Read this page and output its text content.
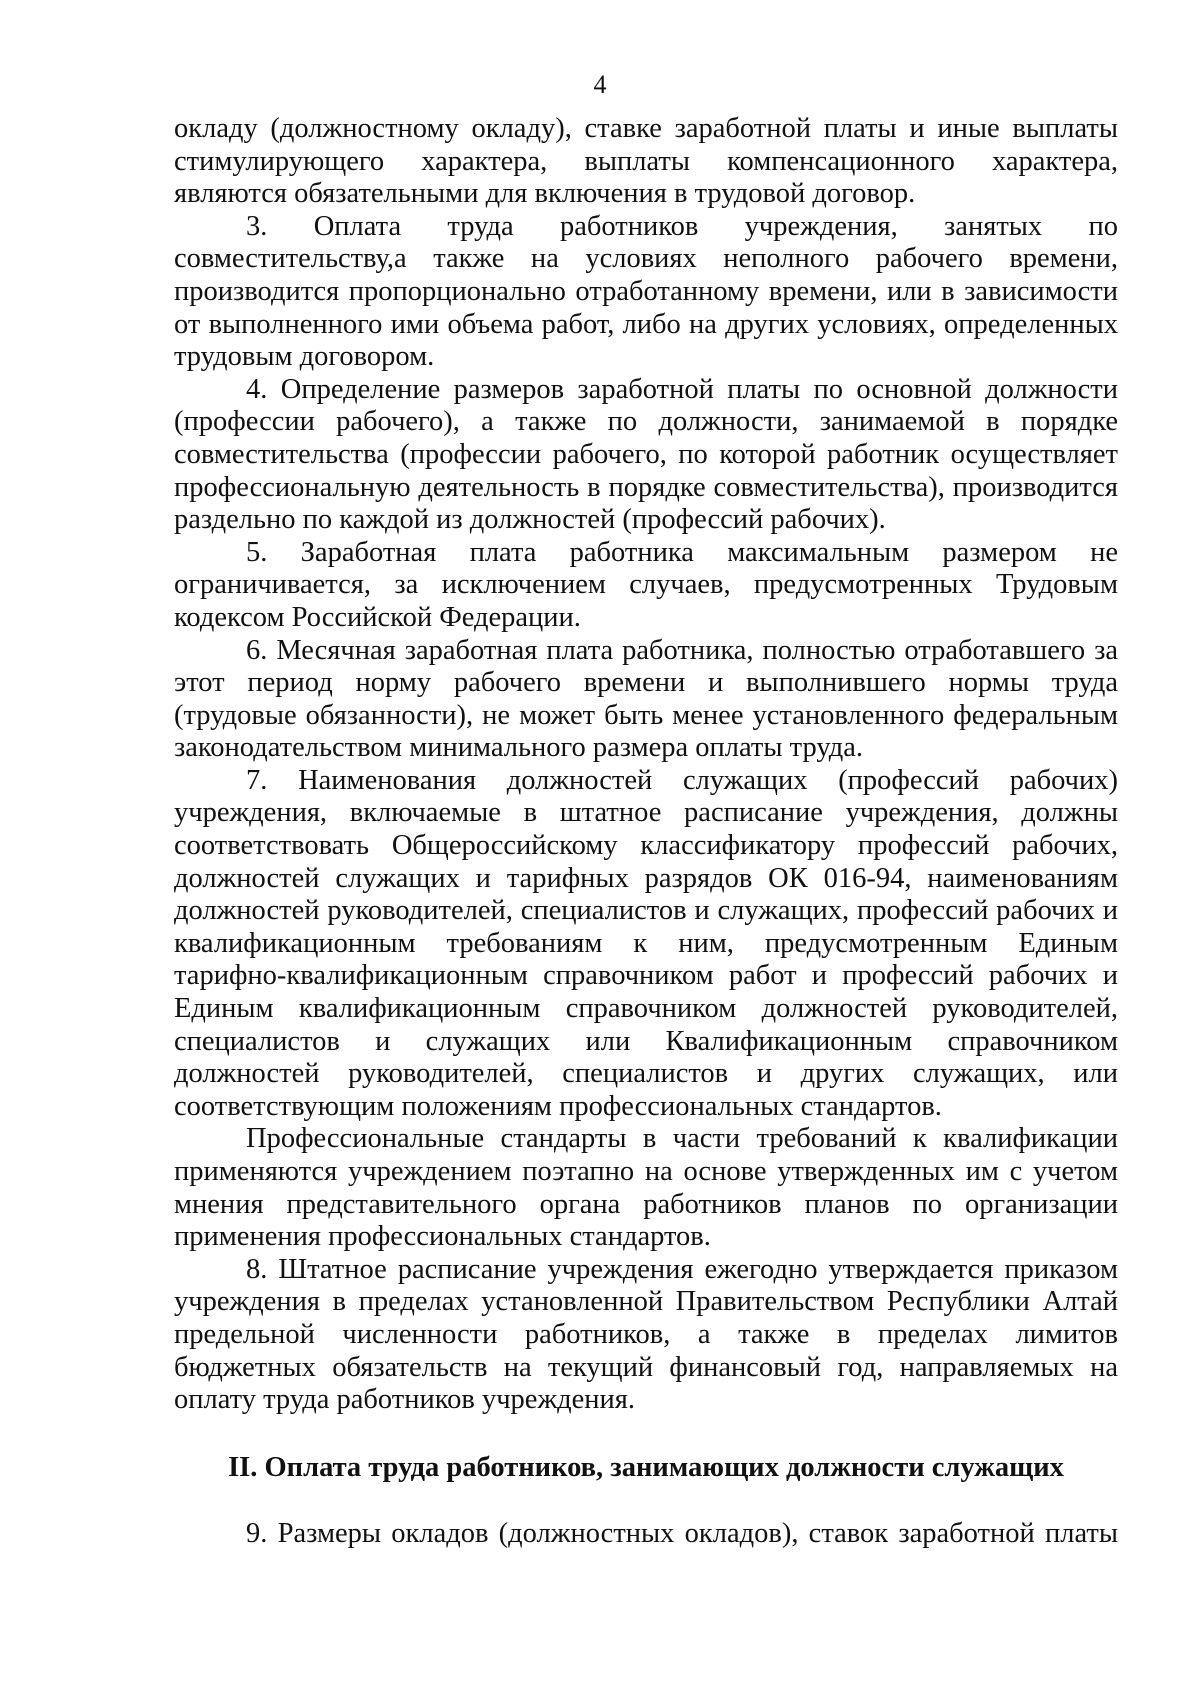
4

окладу (должностному окладу), ставке заработной платы и иные выплаты стимулирующего характера, выплаты компенсационного характера, являются обязательными для включения в трудовой договор.

3. Оплата труда работников учреждения, занятых по совместительству,а также на условиях неполного рабочего времени, производится пропорционально отработанному времени, или в зависимости от выполненного ими объема работ, либо на других условиях, определенных трудовым договором.

4. Определение размеров заработной платы по основной должности (профессии рабочего), а также по должности, занимаемой в порядке совместительства (профессии рабочего, по которой работник осуществляет профессиональную деятельность в порядке совместительства), производится раздельно по каждой из должностей (профессий рабочих).

5. Заработная плата работника максимальным размером не ограничивается, за исключением случаев, предусмотренных Трудовым кодексом Российской Федерации.

6. Месячная заработная плата работника, полностью отработавшего за этот период норму рабочего времени и выполнившего нормы труда (трудовые обязанности), не может быть менее установленного федеральным законодательством минимального размера оплаты труда.

7. Наименования должностей служащих (профессий рабочих) учреждения, включаемые в штатное расписание учреждения, должны соответствовать Общероссийскому классификатору профессий рабочих, должностей служащих и тарифных разрядов ОК 016-94, наименованиям должностей руководителей, специалистов и служащих, профессий рабочих и квалификационным требованиям к ним, предусмотренным Единым тарифно-квалификационным справочником работ и профессий рабочих и Единым квалификационным справочником должностей руководителей, специалистов и служащих или Квалификационным справочником должностей руководителей, специалистов и других служащих, или соответствующим положениям профессиональных стандартов.

Профессиональные стандарты в части требований к квалификации применяются учреждением поэтапно на основе утвержденных им с учетом мнения представительного органа работников планов по организации применения профессиональных стандартов.

8. Штатное расписание учреждения ежегодно утверждается приказом учреждения в пределах установленной Правительством Республики Алтай предельной численности работников, а также в пределах лимитов бюджетных обязательств на текущий финансовый год, направляемых на оплату труда работников учреждения.

II. Оплата труда работников, занимающих должности служащих

9. Размеры окладов (должностных окладов), ставок заработной платы
